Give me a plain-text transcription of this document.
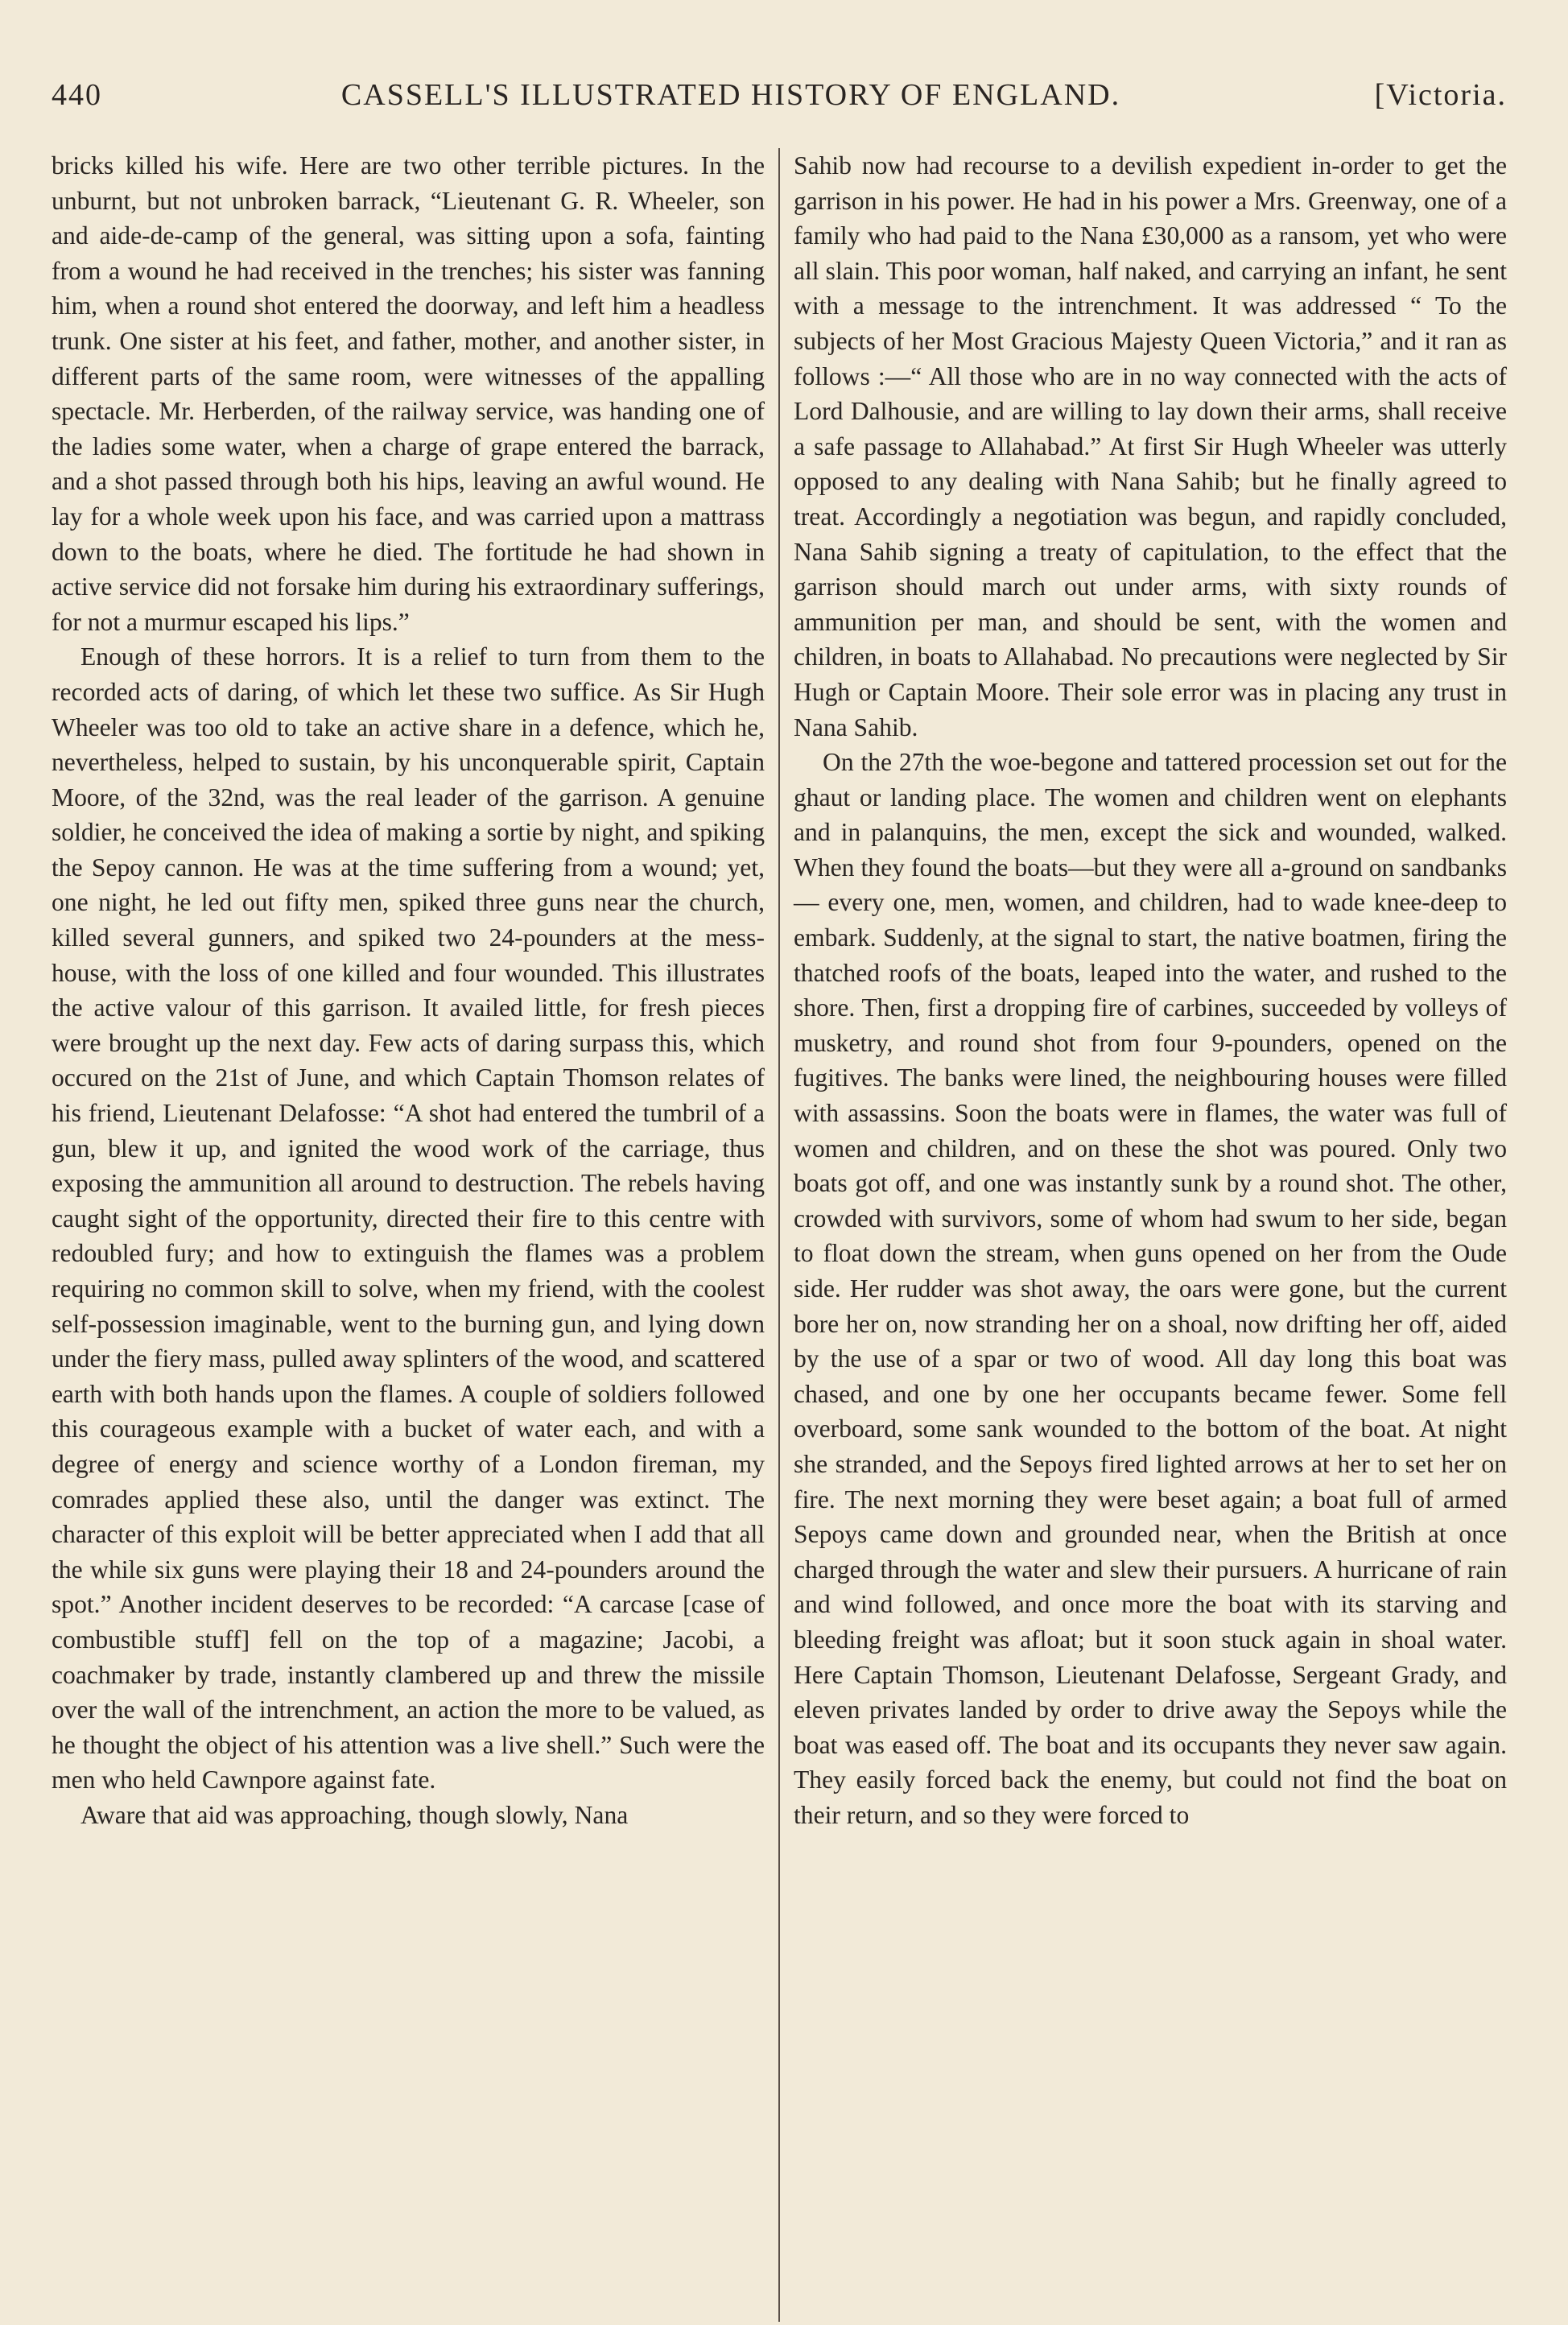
440	CASSELL'S ILLUSTRATED HISTORY OF ENGLAND.	[Victoria.

bricks killed his wife. Here are two other terrible pictures. In the unburnt, but not unbroken barrack, “Lieutenant G. R. Wheeler, son and aide-de-camp of the general, was sitting upon a sofa, fainting from a wound he had received in the trenches; his sister was fanning him, when a round shot entered the doorway, and left him a headless trunk. One sister at his feet, and father, mother, and another sister, in different parts of the same room, were witnesses of the appalling spectacle. Mr. Herberden, of the railway service, was handing one of the ladies some water, when a charge of grape entered the barrack, and a shot passed through both his hips, leaving an awful wound. He lay for a whole week upon his face, and was carried upon a mattrass down to the boats, where he died. The fortitude he had shown in active service did not forsake him during his extraordinary sufferings, for not a murmur escaped his lips.”

Enough of these horrors. It is a relief to turn from them to the recorded acts of daring, of which let these two suffice. As Sir Hugh Wheeler was too old to take an active share in a defence, which he, nevertheless, helped to sustain, by his unconquerable spirit, Captain Moore, of the 32nd, was the real leader of the garrison. A genuine soldier, he conceived the idea of making a sortie by night, and spiking the Sepoy cannon. He was at the time suffering from a wound; yet, one night, he led out fifty men, spiked three guns near the church, killed several gunners, and spiked two 24-pounders at the mess-house, with the loss of one killed and four wounded. This illustrates the active valour of this garrison. It availed little, for fresh pieces were brought up the next day. Few acts of daring surpass this, which occured on the 21st of June, and which Captain Thomson relates of his friend, Lieutenant Delafosse: “A shot had entered the tumbril of a gun, blew it up, and ignited the wood work of the carriage, thus exposing the ammunition all around to destruction. The rebels having caught sight of the opportunity, directed their fire to this centre with redoubled fury; and how to extinguish the flames was a problem requiring no common skill to solve, when my friend, with the coolest self-possession imaginable, went to the burning gun, and lying down under the fiery mass, pulled away splinters of the wood, and scattered earth with both hands upon the flames. A couple of soldiers followed this courageous example with a bucket of water each, and with a degree of energy and science worthy of a London fireman, my comrades applied these also, until the danger was extinct. The character of this exploit will be better appreciated when I add that all the while six guns were playing their 18 and 24-pounders around the spot.” Another incident deserves to be recorded: “A carcase [case of combustible stuff] fell on the top of a magazine; Jacobi, a coachmaker by trade, instantly clambered up and threw the missile over the wall of the intrenchment, an action the more to be valued, as he thought the object of his attention was a live shell.” Such were the men who held Cawnpore against fate.

Aware that aid was approaching, though slowly, Nana

Sahib now had recourse to a devilish expedient in-order to get the garrison in his power. He had in his power a Mrs. Greenway, one of a family who had paid to the Nana £30,000 as a ransom, yet who were all slain. This poor woman, half naked, and carrying an infant, he sent with a message to the intrenchment. It was addressed “ To the subjects of her Most Gracious Majesty Queen Victoria,” and it ran as follows :—“ All those who are in no way connected with the acts of Lord Dalhousie, and are willing to lay down their arms, shall receive a safe passage to Allahabad.” At first Sir Hugh Wheeler was utterly opposed to any dealing with Nana Sahib; but he finally agreed to treat. Accordingly a negotiation was begun, and rapidly concluded, Nana Sahib signing a treaty of capitulation, to the effect that the garrison should march out under arms, with sixty rounds of ammunition per man, and should be sent, with the women and children, in boats to Allahabad. No precautions were neglected by Sir Hugh or Captain Moore. Their sole error was in placing any trust in Nana Sahib.

On the 27th the woe-begone and tattered procession set out for the ghaut or landing place. The women and children went on elephants and in palanquins, the men, except the sick and wounded, walked. When they found the boats—but they were all a-ground on sandbanks — every one, men, women, and children, had to wade knee-deep to embark. Suddenly, at the signal to start, the native boatmen, firing the thatched roofs of the boats, leaped into the water, and rushed to the shore. Then, first a dropping fire of carbines, succeeded by volleys of musketry, and round shot from four 9-pounders, opened on the fugitives. The banks were lined, the neighbouring houses were filled with assassins. Soon the boats were in flames, the water was full of women and children, and on these the shot was poured. Only two boats got off, and one was instantly sunk by a round shot. The other, crowded with survivors, some of whom had swum to her side, began to float down the stream, when guns opened on her from the Oude side. Her rudder was shot away, the oars were gone, but the current bore her on, now stranding her on a shoal, now drifting her off, aided by the use of a spar or two of wood. All day long this boat was chased, and one by one her occupants became fewer. Some fell overboard, some sank wounded to the bottom of the boat. At night she stranded, and the Sepoys fired lighted arrows at her to set her on fire. The next morning they were beset again; a boat full of armed Sepoys came down and grounded near, when the British at once charged through the water and slew their pursuers. A hurricane of rain and wind followed, and once more the boat with its starving and bleeding freight was afloat; but it soon stuck again in shoal water. Here Captain Thomson, Lieutenant Delafosse, Sergeant Grady, and eleven privates landed by order to drive away the Sepoys while the boat was eased off. The boat and its occupants they never saw again. They easily forced back the enemy, but could not find the boat on their return, and so they were forced to
